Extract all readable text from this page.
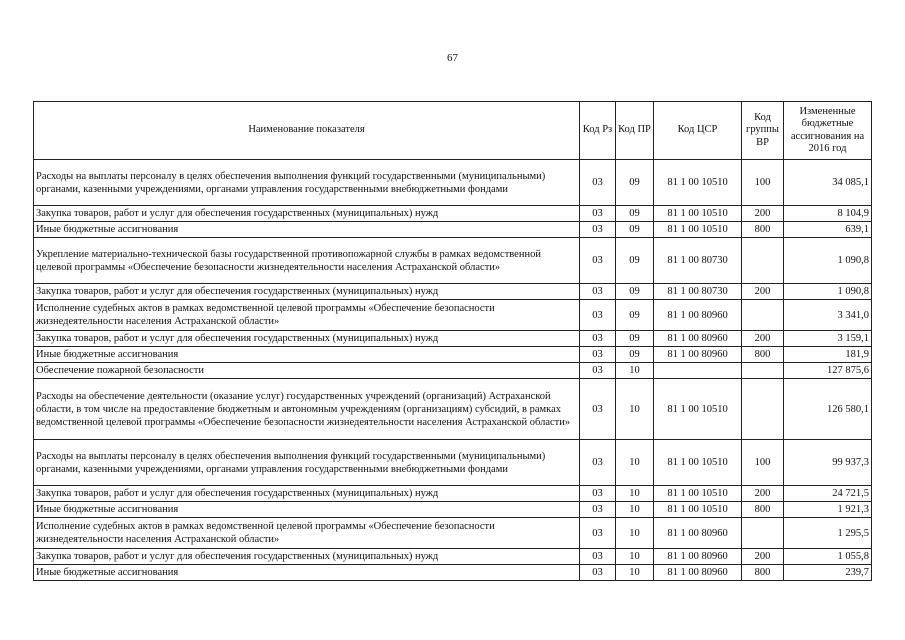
67
Наименование показателя	Код Рз	Код ПР	Код ЦСР	Код группы ВР	Измененные бюджетные ассигнования на 2016 год
Расходы на выплаты персоналу в целях обеспечения выполнения функций государственными (муниципальными) органами, казенными учреждениями, органами управления государственными внебюджетными фондами	03	09	81 1 00 10510	100	34 085,1
Закупка товаров, работ и услуг для обеспечения государственных (муниципальных) нужд	03	09	81 1 00 10510	200	8 104,9
Иные бюджетные ассигнования	03	09	81 1 00 10510	800	639,1
Укрепление материально-технической базы государственной противопожарной службы в рамках ведомственной целевой программы «Обеспечение безопасности жизнедеятельности населения Астраханской области»	03	09	81 1 00 80730		1 090,8
Закупка товаров, работ и услуг для обеспечения государственных (муниципальных) нужд	03	09	81 1 00 80730	200	1 090,8
Исполнение судебных актов в рамках ведомственной целевой программы «Обеспечение безопасности жизнедеятельности населения Астраханской области»	03	09	81 1 00 80960		3 341,0
Закупка товаров, работ и услуг для обеспечения государственных (муниципальных) нужд	03	09	81 1 00 80960	200	3 159,1
Иные бюджетные ассигнования	03	09	81 1 00 80960	800	181,9
Обеспечение пожарной безопасности	03	10			127 875,6
Расходы на обеспечение деятельности (оказание услуг) государственных учреждений (организаций) Астраханской области, в том числе на предоставление бюджетным и автономным учреждениям (организациям) субсидий, в рамках ведомственной целевой программы «Обеспечение безопасности жизнедеятельности населения Астраханской области»	03	10	81 1 00 10510		126 580,1
Расходы на выплаты персоналу в целях обеспечения выполнения функций государственными (муниципальными) органами, казенными учреждениями, органами управления государственными внебюджетными фондами	03	10	81 1 00 10510	100	99 937,3
Закупка товаров, работ и услуг для обеспечения государственных (муниципальных) нужд	03	10	81 1 00 10510	200	24 721,5
Иные бюджетные ассигнования	03	10	81 1 00 10510	800	1 921,3
Исполнение судебных актов в рамках ведомственной целевой программы «Обеспечение безопасности жизнедеятельности населения Астраханской области»	03	10	81 1 00 80960		1 295,5
Закупка товаров, работ и услуг для обеспечения государственных (муниципальных) нужд	03	10	81 1 00 80960	200	1 055,8
Иные бюджетные ассигнования	03	10	81 1 00 80960	800	239,7
